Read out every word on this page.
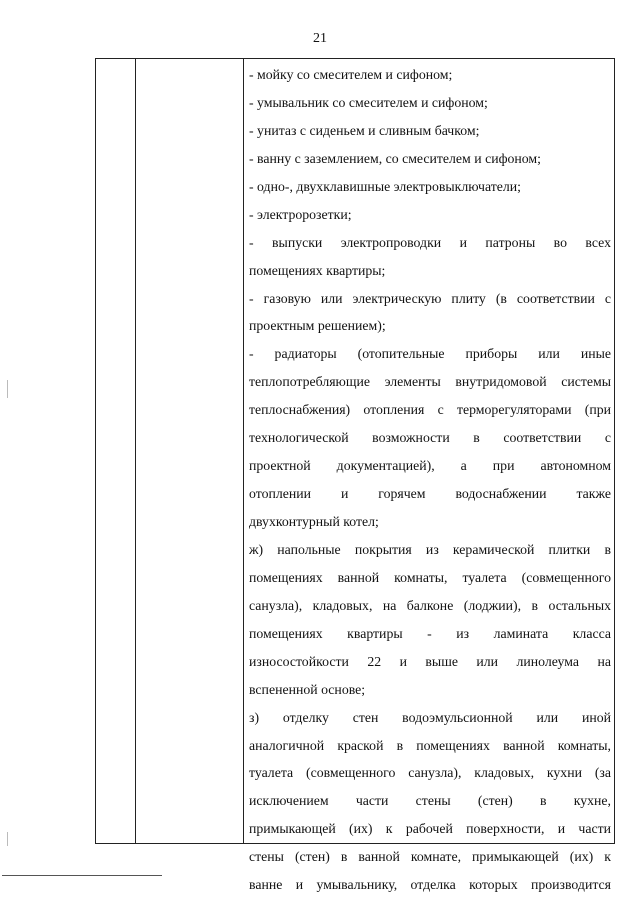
21
- мойку со смесителем и сифоном;
- умывальник со смесителем и сифоном;
- унитаз с сиденьем и сливным бачком;
- ванну с заземлением, со смесителем и сифоном;
- одно-, двухклавишные электровыключатели;
- электророзетки;
- выпуски электропроводки и патроны во всех
помещениях квартиры;
- газовую или электрическую плиту (в соответствии с
проектным решением);
- радиаторы (отопительные приборы или иные
теплопотребляющие элементы внутридомовой системы
теплоснабжения) отопления с терморегуляторами (при
технологической возможности в соответствии с
проектной документацией), а при автономном
отоплении и горячем водоснабжении также
двухконтурный котел;
ж) напольные покрытия из керамической плитки в
помещениях ванной комнаты, туалета (совмещенного
санузла), кладовых, на балконе (лоджии), в остальных
помещениях квартиры - из ламината класса
износостойкости 22 и выше или линолеума на
вспененной основе;
з) отделку стен водоэмульсионной или иной
аналогичной краской в помещениях ванной комнаты,
туалета (совмещенного санузла), кладовых, кухни (за
исключением части стены (стен) в кухне,
примыкающей (их) к рабочей поверхности, и части
стены (стен) в ванной комнате, примыкающей (их) к
ванне и умывальнику, отделка которых производится
